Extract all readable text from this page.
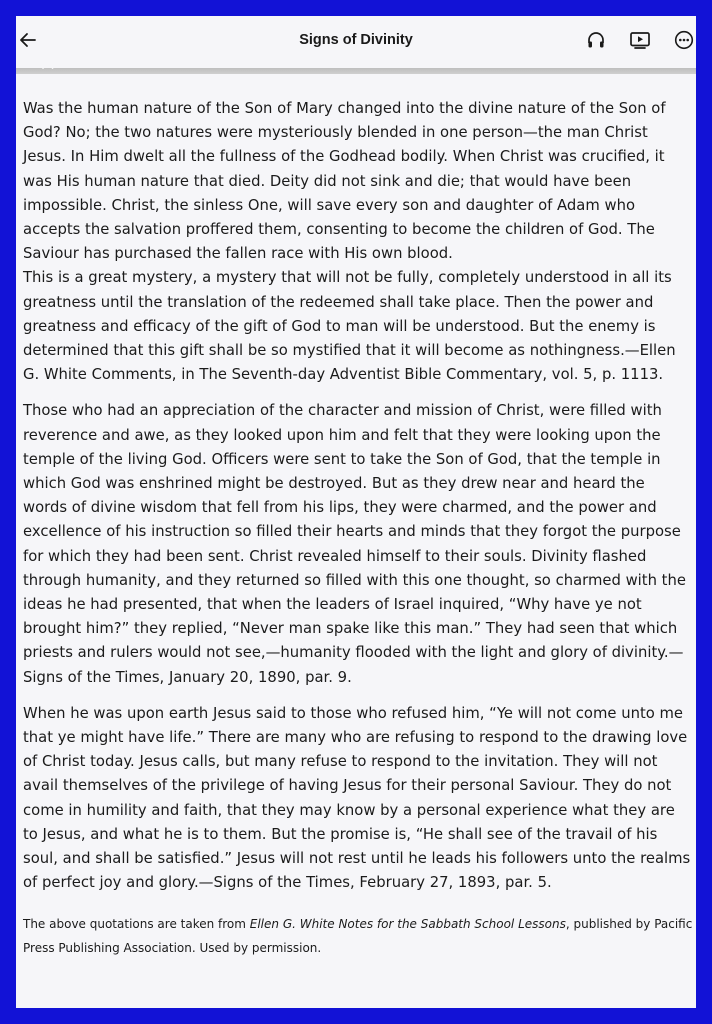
Signs of Divinity

Was the human nature of the Son of Mary changed into the divine nature of the Son of God? No; the two natures were mysteriously blended in one person—the man Christ Jesus. In Him dwelt all the fullness of the Godhead bodily. When Christ was crucified, it was His human nature that died. Deity did not sink and die; that would have been impossible. Christ, the sinless One, will save every son and daughter of Adam who accepts the salvation proffered them, consenting to become the children of God. The Saviour has purchased the fallen race with His own blood.

This is a great mystery, a mystery that will not be fully, completely understood in all its greatness until the translation of the redeemed shall take place. Then the power and greatness and efficacy of the gift of God to man will be understood. But the enemy is determined that this gift shall be so mystified that it will become as nothingness.—Ellen G. White Comments, in The Seventh-day Adventist Bible Commentary, vol. 5, p. 1113.

Those who had an appreciation of the character and mission of Christ, were filled with reverence and awe, as they looked upon him and felt that they were looking upon the temple of the living God. Officers were sent to take the Son of God, that the temple in which God was enshrined might be destroyed. But as they drew near and heard the words of divine wisdom that fell from his lips, they were charmed, and the power and excellence of his instruction so filled their hearts and minds that they forgot the purpose for which they had been sent. Christ revealed himself to their souls. Divinity flashed through humanity, and they returned so filled with this one thought, so charmed with the ideas he had presented, that when the leaders of Israel inquired, “Why have ye not brought him?” they replied, “Never man spake like this man.” They had seen that which priests and rulers would not see,—humanity flooded with the light and glory of divinity.—Signs of the Times, January 20, 1890, par. 9.

When he was upon earth Jesus said to those who refused him, “Ye will not come unto me that ye might have life.” There are many who are refusing to respond to the drawing love of Christ today. Jesus calls, but many refuse to respond to the invitation. They will not avail themselves of the privilege of having Jesus for their personal Saviour. They do not come in humility and faith, that they may know by a personal experience what they are to Jesus, and what he is to them. But the promise is, “He shall see of the travail of his soul, and shall be satisfied.” Jesus will not rest until he leads his followers unto the realms of perfect joy and glory.—Signs of the Times, February 27, 1893, par. 5.

The above quotations are taken from Ellen G. White Notes for the Sabbath School Lessons, published by Pacific Press Publishing Association. Used by permission.
